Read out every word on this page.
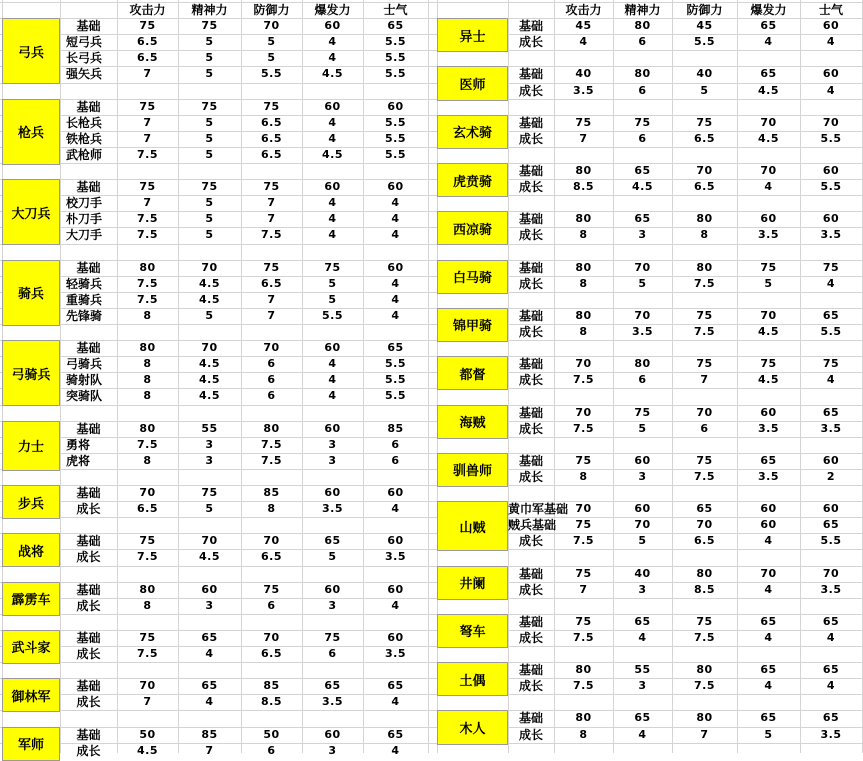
攻击力	精神力	防御力	爆发力	士气
弓兵
基础	75	75	70	60	65
短弓兵	6.5	5	5	4	5.5
长弓兵	6.5	5	5	4	5.5
强矢兵	7	5	5.5	4.5	5.5
枪兵
基础	75	75	75	60	60
长枪兵	7	5	6.5	4	5.5
铁枪兵	7	5	6.5	4	5.5
武枪师	7.5	5	6.5	4.5	5.5
大刀兵
基础	75	75	75	60	60
校刀手	7	5	7	4	4
朴刀手	7.5	5	7	4	4
大刀手	7.5	5	7.5	4	4
骑兵
基础	80	70	75	75	60
轻骑兵	7.5	4.5	6.5	5	4
重骑兵	7.5	4.5	7	5	4
先锋骑	8	5	7	5.5	4
弓骑兵
基础	80	70	70	60	65
弓骑兵	8	4.5	6	4	5.5
骑射队	8	4.5	6	4	5.5
突骑队	8	4.5	6	4	5.5
力士
基础	80	55	80	60	85
勇将	7.5	3	7.5	3	6
虎将	8	3	7.5	3	6
步兵
基础	70	75	85	60	60
成长	6.5	5	8	3.5	4
战将
基础	75	70	70	65	60
成长	7.5	4.5	6.5	5	3.5
霹雳车
基础	80	60	75	60	60
成长	8	3	6	3	4
武斗家
基础	75	65	70	75	60
成长	7.5	4	6.5	6	3.5
御林军
基础	70	65	85	65	65
成长	7	4	8.5	3.5	4
军师
基础	50	85	50	60	65
成长	4.5	7	6	3	4
攻击力	精神力	防御力	爆发力	士气
异士
基础	45	80	45	65	60
成长	4	6	5.5	4	4
医师
基础	40	80	40	65	60
成长	3.5	6	5	4.5	4
玄术骑
基础	75	75	75	70	70
成长	7	6	6.5	4.5	5.5
虎贲骑
基础	80	65	70	70	60
成长	8.5	4.5	6.5	4	5.5
西凉骑
基础	80	65	80	60	60
成长	8	3	8	3.5	3.5
白马骑
基础	80	70	80	75	75
成长	8	5	7.5	5	4
锦甲骑
基础	80	70	75	70	65
成长	8	3.5	7.5	4.5	5.5
都督
基础	70	80	75	75	75
成长	7.5	6	7	4.5	4
海贼
基础	70	75	70	60	65
成长	7.5	5	6	3.5	3.5
驯兽师
基础	75	60	75	65	60
成长	8	3	7.5	3.5	2
山贼
黄巾军基础 70	60	65	60	60
贼兵基础	75	70	70	60	65
成长	7.5	5	6.5	4	5.5
井阑
基础	75	40	80	70	70
成长	7	3	8.5	4	3.5
弩车
基础	75	65	75	65	65
成长	7.5	4	7.5	4	4
土偶
基础	80	55	80	65	65
成长	7.5	3	7.5	4	4
木人
基础	80	65	80	65	65
成长	8	4	7	5	3.5
